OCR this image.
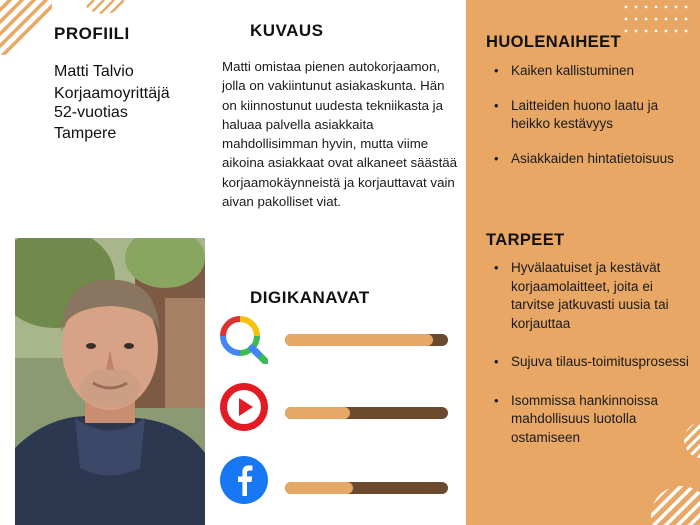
PROFIILI
Matti Talvio
Korjaamoyrittäjä
52-vuotias
Tampere
KUVAUS
Matti omistaa pienen autokorjaamon, jolla on vakiintunut asiakaskunta. Hän on kiinnostunut uudesta tekniikasta ja haluaa palvella asiakkaita mahdollisimman hyvin, mutta viime aikoina asiakkaat ovat alkaneet säästää korjaamokäynneistä ja korjauttavat vain aivan pakolliset viat.
DIGIKANAVAT
HUOLENAIHEET
• Kaiken kallistuminen
• Laitteiden huono laatu ja heikko kestävyys
• Asiakkaiden hintatietoisuus
TARPEET
• Hyvälaatuiset ja kestävät korjaamolaitteet, joita ei tarvitse jatkuvasti uusia tai korjauttaa
• Sujuva tilaus-toimitusprosessi
• Isommissa hankinnoissa mahdollisuus luotolla ostamiseen
